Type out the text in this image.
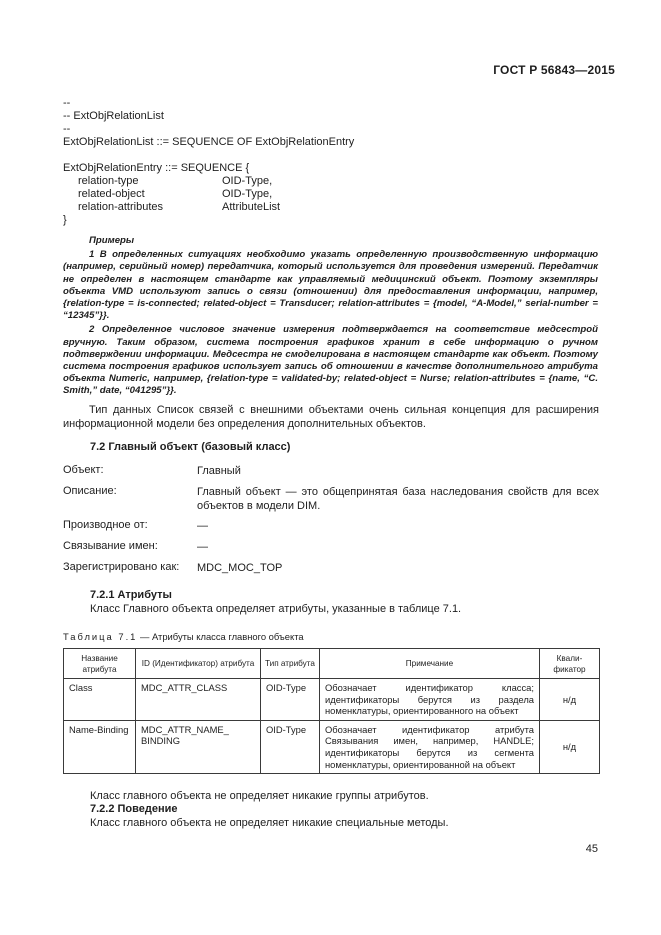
ГОСТ Р 56843—2015
--
-- ExtObjRelationList
--
ExtObjRelationList ::= SEQUENCE OF ExtObjRelationEntry
ExtObjRelationEntry ::= SEQUENCE {
relation-type	OID-Type,
related-object	OID-Type,
relation-attributes	AttributeList
}

Примеры

1 В определенных ситуациях необходимо указать определенную производственную информацию (например, серийный номер) передатчика, который используется для проведения измерений. Передатчик не определен в настоящем стандарте как управляемый медицинский объект. Поэтому экземпляры объекта VMD используют запись о связи (отношении) для предоставления информации, например, {relation-type = is-connected; related-object = Transducer; relation-attributes = {model, “A-Model,” serial-number = “12345”}}.

2 Определенное числовое значение измерения подтверждается на соответствие медсестрой вручную. Таким образом, система построения графиков хранит в себе информацию о ручном подтверждении информации. Медсестра не смоделирована в настоящем стандарте как объект. Поэтому система построения графиков использует запись об отношении в качестве дополнительного атрибута объекта Numeric, например, {relation-type = validated-by; related-object = Nurse; relation-attributes = {name, “C. Smith,” date, “041295”}}.

Тип данных Список связей с внешними объектами очень сильная концепция для расширения информационной модели без определения дополнительных объектов.

7.2 Главный объект (базовый класс)
Объект:	Главный
Описание:	Главный объект — это общепринятая база наследования свойств для всех объектов в модели DIM.
Производное от:	—
Связывание имен:	—
Зарегистрировано как: MDC_MOC_TOP
7.2.1 Атрибуты
Класс Главного объекта определяет атрибуты, указанные в таблице 7.1.
Таблица 7.1 — Атрибуты класса главного объекта
Название атрибута	ID (Идентификатор) атрибута	Тип атрибута	Примечание	Квали-фикатор
Class	MDC_ATTR_CLASS	OID-Type	Обозначает идентификатор класса; идентификаторы берутся из раздела номенклатуры, ориентированного на объект	н/д
Name-Binding	MDC_ATTR_NAME_ BINDING	OID-Type	Обозначает идентификатор атрибута Связывания имен, например, HANDLE; идентификаторы берутся из сегмента номенклатуры, ориентированной на объект	н/д
Класс главного объекта не определяет никакие группы атрибутов.
7.2.2 Поведение
Класс главного объекта не определяет никакие специальные методы.
45
